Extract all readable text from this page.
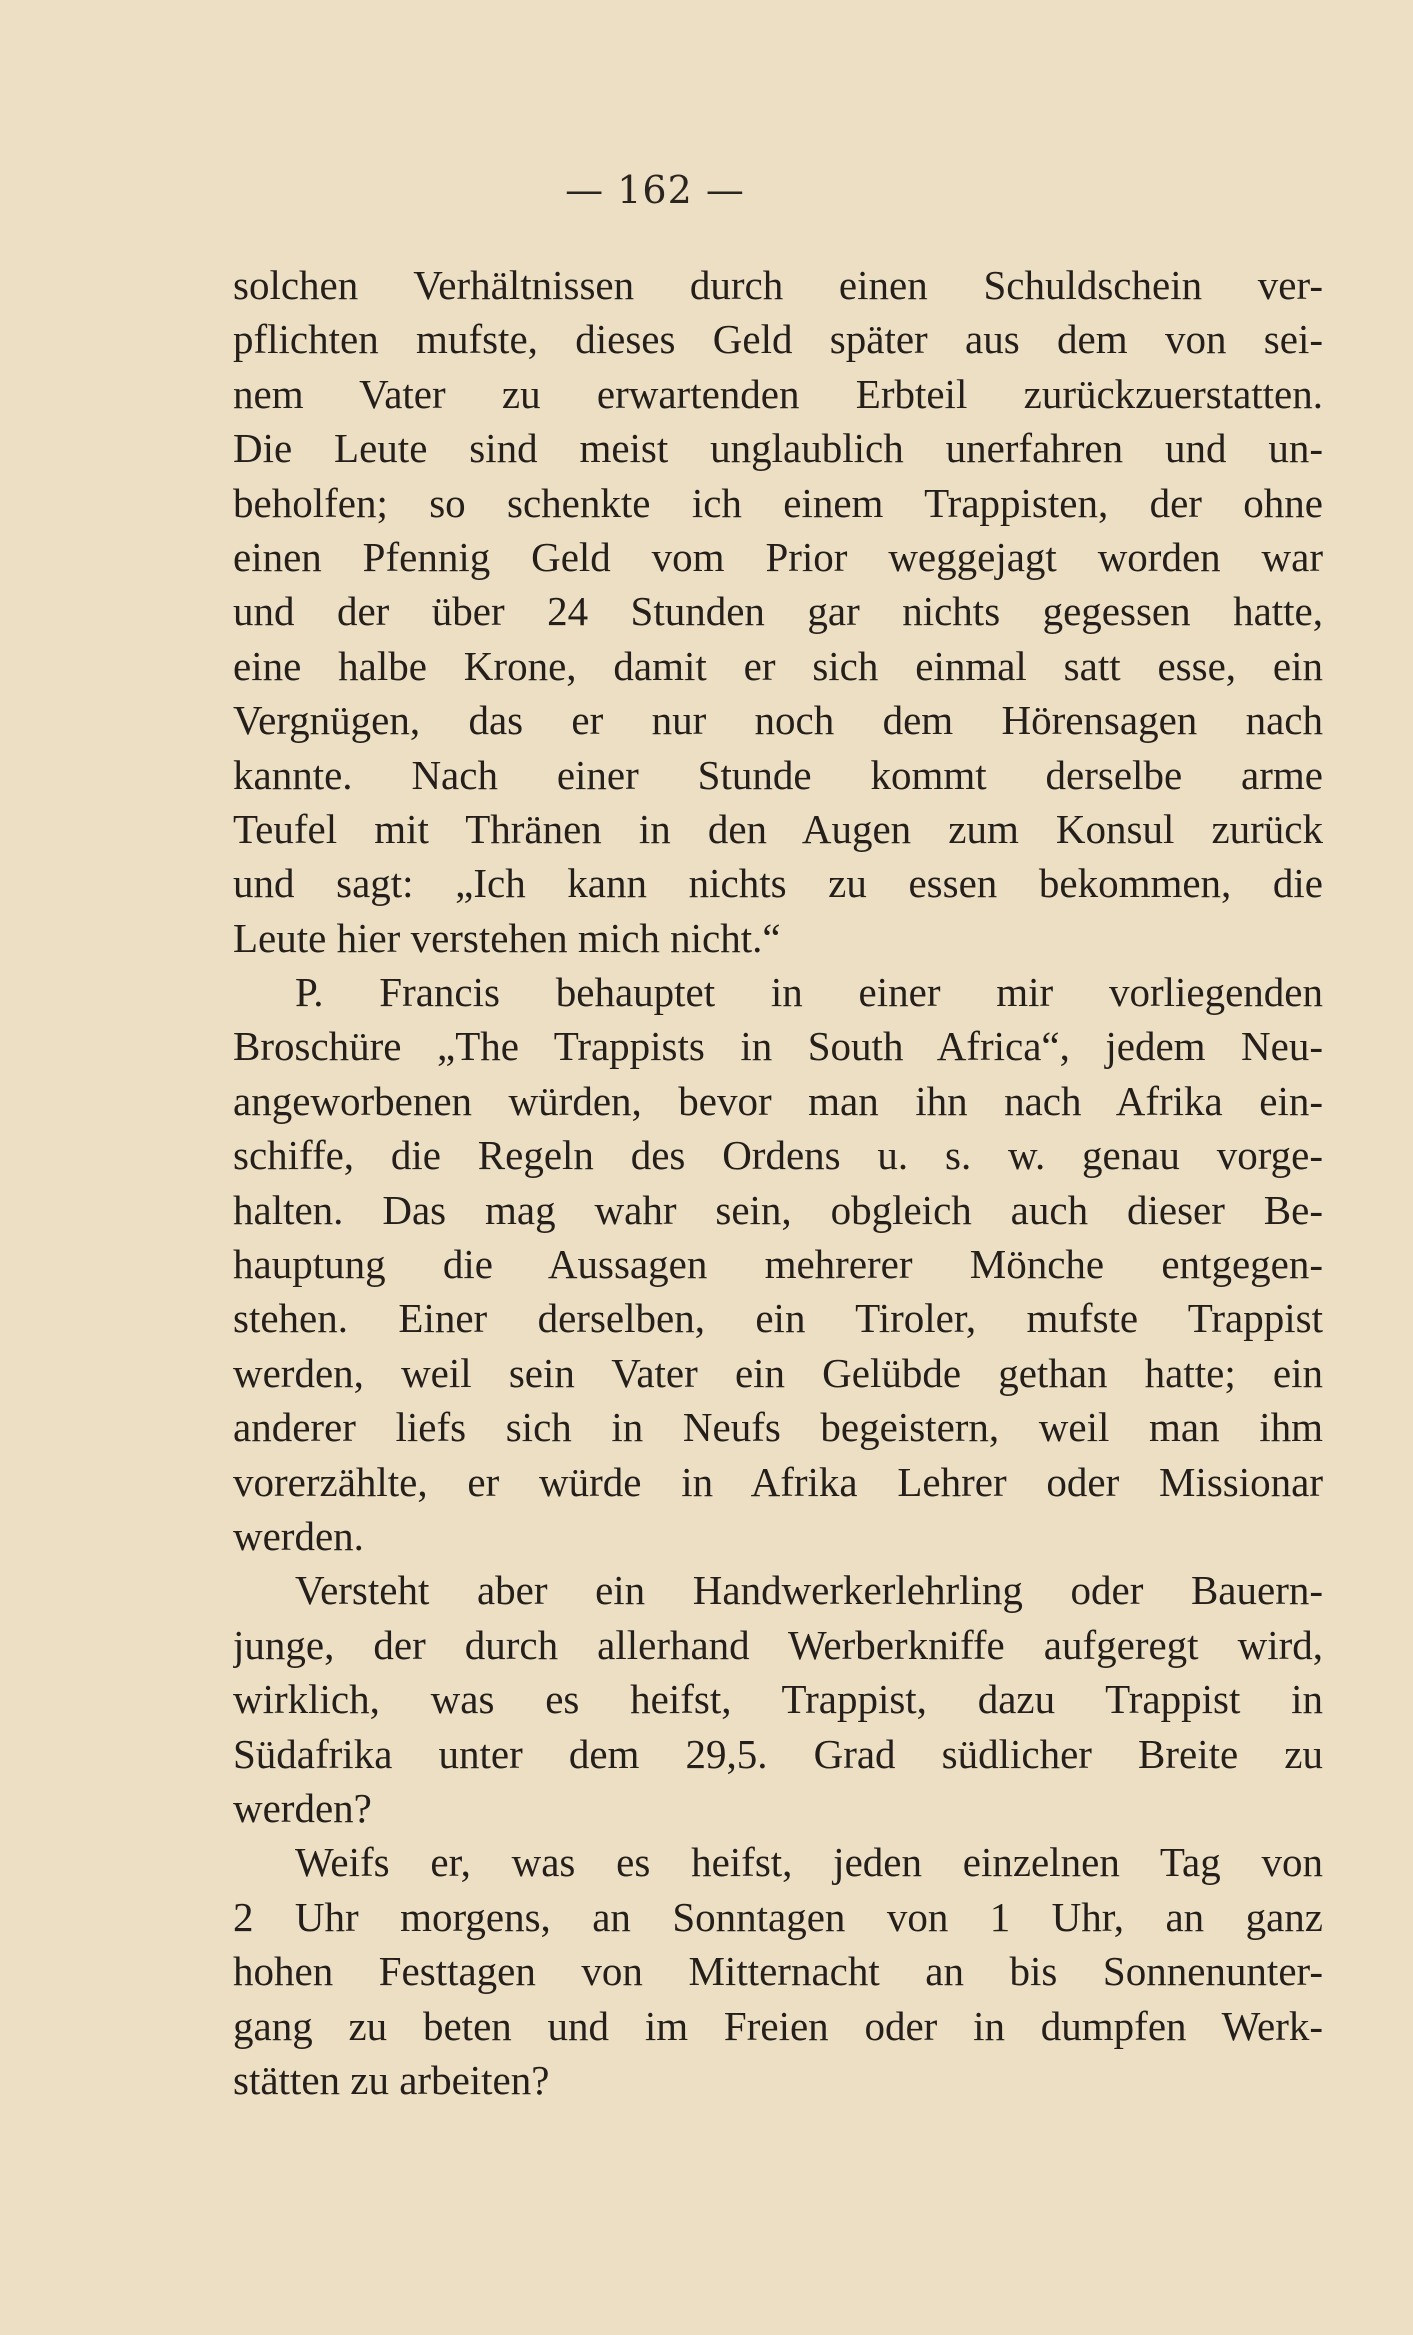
— 162 —
solchen Verhältnissen durch einen Schuldschein ver-
pflichten mufste, dieses Geld später aus dem von sei-
nem Vater zu erwartenden Erbteil zurückzuerstatten.
Die Leute sind meist unglaublich unerfahren und un-
beholfen; so schenkte ich einem Trappisten, der ohne
einen Pfennig Geld vom Prior weggejagt worden war
und der über 24 Stunden gar nichts gegessen hatte,
eine halbe Krone, damit er sich einmal satt esse, ein
Vergnügen, das er nur noch dem Hörensagen nach
kannte. Nach einer Stunde kommt derselbe arme
Teufel mit Thränen in den Augen zum Konsul zurück
und sagt: „Ich kann nichts zu essen bekommen, die
Leute hier verstehen mich nicht.“
P. Francis behauptet in einer mir vorliegenden
Broschüre „The Trappists in South Africa“, jedem Neu-
angeworbenen würden, bevor man ihn nach Afrika ein-
schiffe, die Regeln des Ordens u. s. w. genau vorge-
halten. Das mag wahr sein, obgleich auch dieser Be-
hauptung die Aussagen mehrerer Mönche entgegen-
stehen. Einer derselben, ein Tiroler, mufste Trappist
werden, weil sein Vater ein Gelübde gethan hatte; ein
anderer liefs sich in Neufs begeistern, weil man ihm
vorerzählte, er würde in Afrika Lehrer oder Missionar
werden.
Versteht aber ein Handwerkerlehrling oder Bauern-
junge, der durch allerhand Werberkniffe aufgeregt wird,
wirklich, was es heifst, Trappist, dazu Trappist in
Südafrika unter dem 29,5. Grad südlicher Breite zu
werden?
Weifs er, was es heifst, jeden einzelnen Tag von
2 Uhr morgens, an Sonntagen von 1 Uhr, an ganz
hohen Festtagen von Mitternacht an bis Sonnenunter-
gang zu beten und im Freien oder in dumpfen Werk-
stätten zu arbeiten?
